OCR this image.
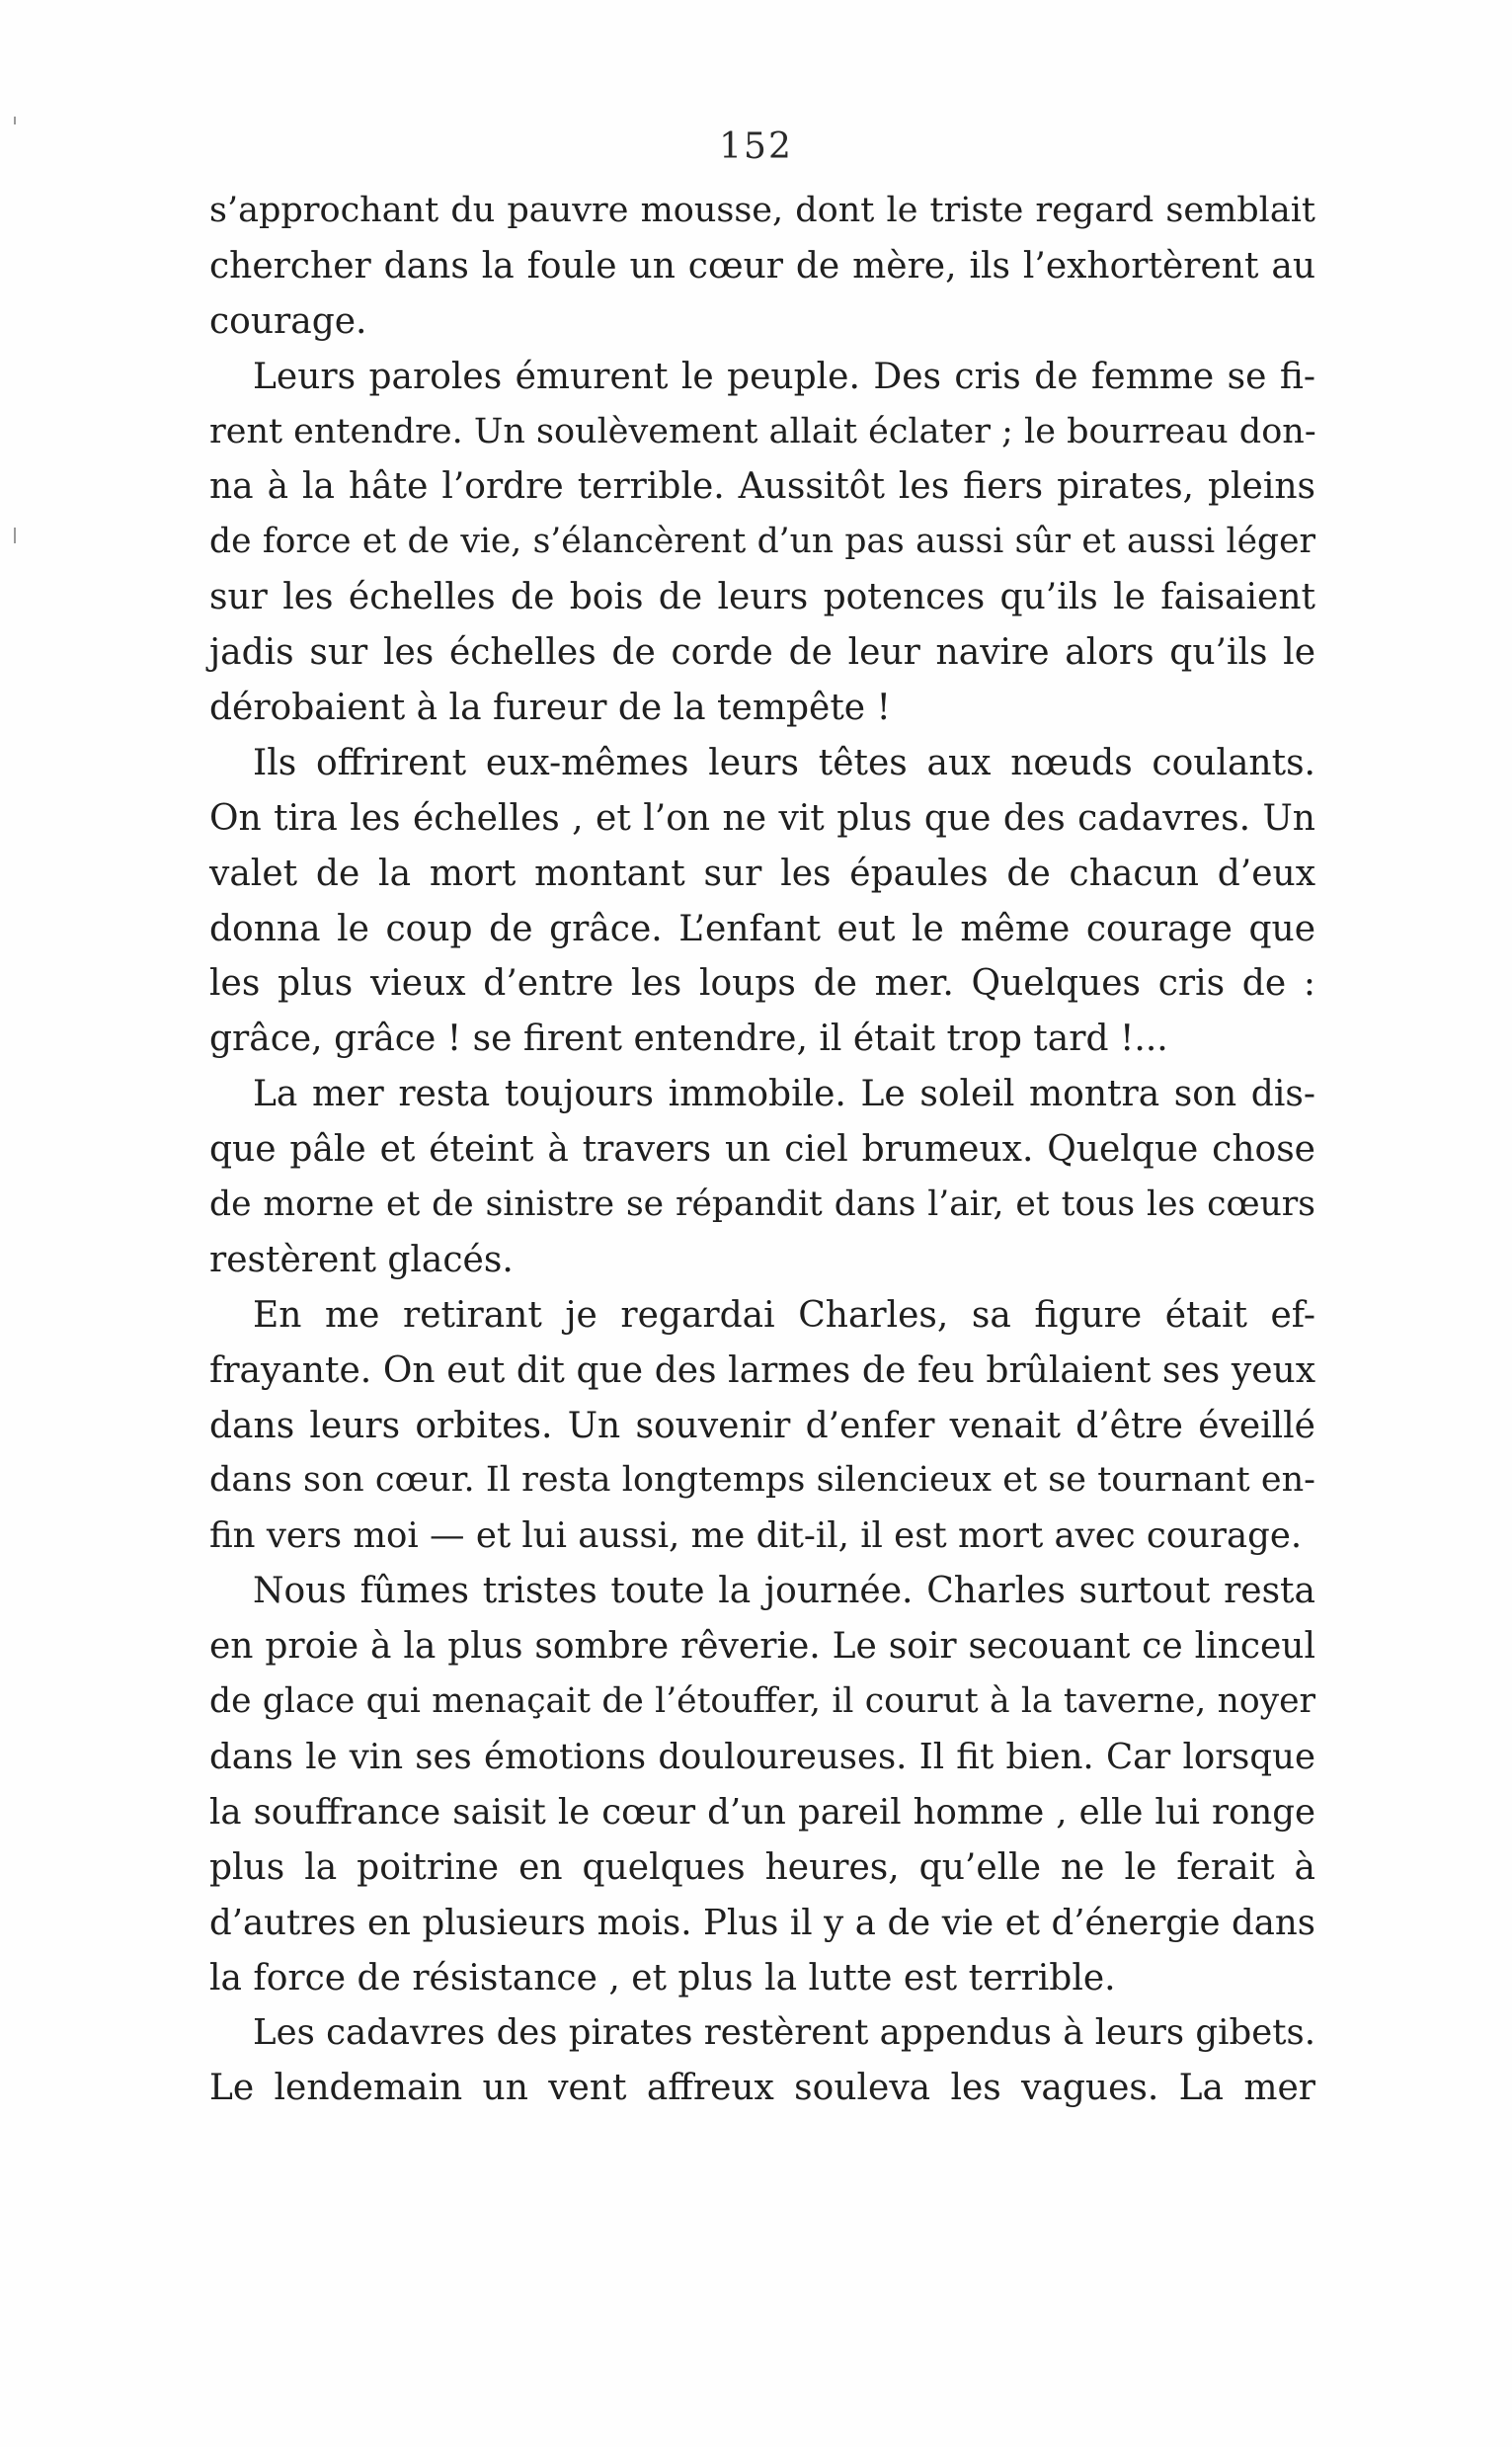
152
s’approchant du pauvre mousse, dont le triste regard semblait
chercher dans la foule un cœur de mère, ils l’exhortèrent au
courage.
Leurs paroles émurent le peuple. Des cris de femme se fi-
rent entendre. Un soulèvement allait éclater ; le bourreau don-
na à la hâte l’ordre terrible. Aussitôt les fiers pirates, pleins
de force et de vie, s’élancèrent d’un pas aussi sûr et aussi léger
sur les échelles de bois de leurs potences qu’ils le faisaient
jadis sur les échelles de corde de leur navire alors qu’ils le
dérobaient à la fureur de la tempête !
Ils offrirent eux-mêmes leurs têtes aux nœuds coulants.
On tira les échelles , et l’on ne vit plus que des cadavres. Un
valet de la mort montant sur les épaules de chacun d’eux
donna le coup de grâce. L’enfant eut le même courage que
les plus vieux d’entre les loups de mer. Quelques cris de :
grâce, grâce ! se firent entendre, il était trop tard !...
La mer resta toujours immobile. Le soleil montra son dis-
que pâle et éteint à travers un ciel brumeux. Quelque chose
de morne et de sinistre se répandit dans l’air, et tous les cœurs
restèrent glacés.
En me retirant je regardai Charles, sa figure était ef-
frayante. On eut dit que des larmes de feu brûlaient ses yeux
dans leurs orbites. Un souvenir d’enfer venait d’être éveillé
dans son cœur. Il resta longtemps silencieux et se tournant en-
fin vers moi — et lui aussi, me dit-il, il est mort avec courage.
Nous fûmes tristes toute la journée. Charles surtout resta
en proie à la plus sombre rêverie. Le soir secouant ce linceul
de glace qui menaçait de l’étouffer, il courut à la taverne, noyer
dans le vin ses émotions douloureuses. Il fit bien. Car lorsque
la souffrance saisit le cœur d’un pareil homme , elle lui ronge
plus la poitrine en quelques heures, qu’elle ne le ferait à
d’autres en plusieurs mois. Plus il y a de vie et d’énergie dans
la force de résistance , et plus la lutte est terrible.
Les cadavres des pirates restèrent appendus à leurs gibets.
Le lendemain un vent affreux souleva les vagues. La mer
